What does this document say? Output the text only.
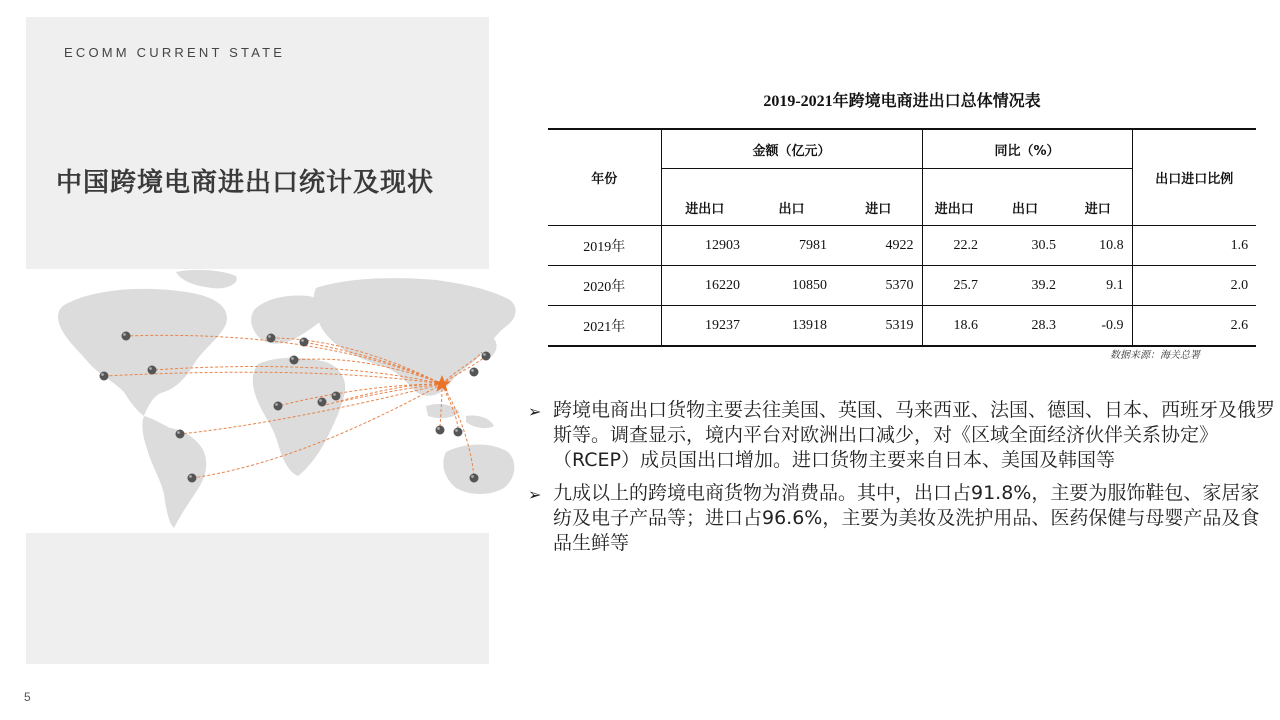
ECOMM CURRENT STATE
中国跨境电商进出口统计及现状
5
2019-2021年跨境电商进出口总体情况表
年份	金额（亿元）			同比（%）			出口进口比例
	进出口	出口	进口	进出口	出口	进口	
2019年	12903	7981	4922	22.2	30.5	10.8	1.6
2020年	16220	10850	5370	25.7	39.2	9.1	2.0
2021年	19237	13918	5319	18.6	28.3	-0.9	2.6
数据来源：海关总署
➢ 跨境电商出口货物主要去往美国、英国、马来西亚、法国、德国、日本、西班牙及俄罗斯等。调查显示，境内平台对欧洲出口减少，对《区域全面经济伙伴关系协定》（RCEP）成员国出口增加。进口货物主要来自日本、美国及韩国等
➢ 九成以上的跨境电商货物为消费品。其中，出口占91.8%，主要为服饰鞋包、家居家纺及电子产品等；进口占96.6%，主要为美妆及洗护用品、医药保健与母婴产品及食品生鲜等
